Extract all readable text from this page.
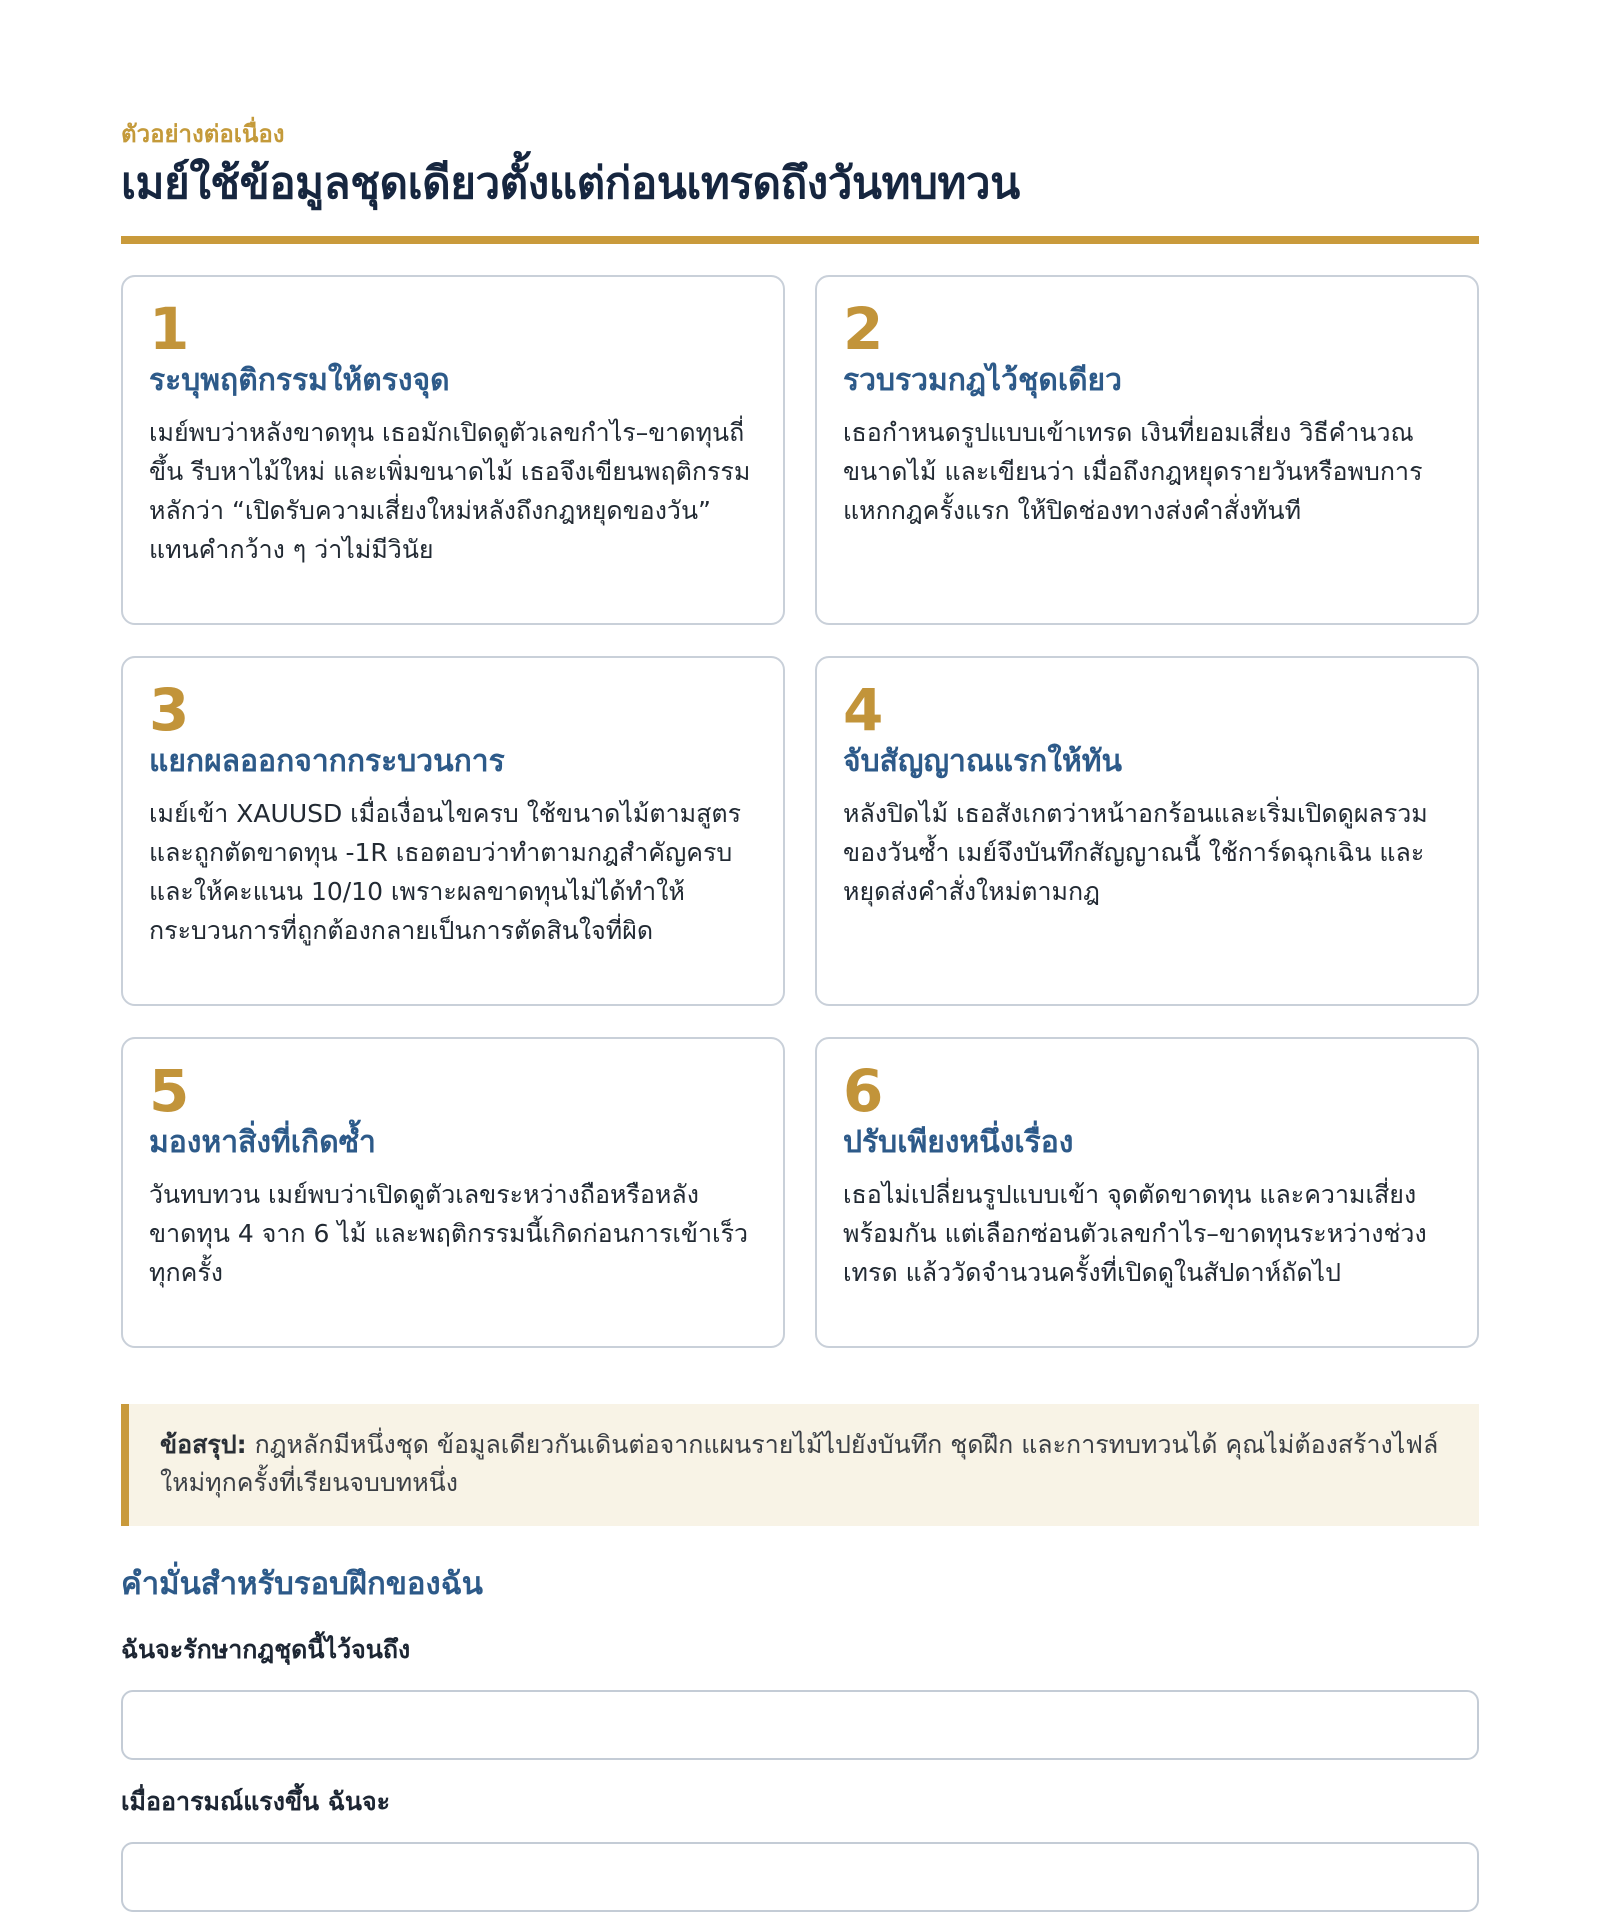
ตัวอย่างต่อเนื่อง

เมย์ใช้ข้อมูลชุดเดียวตั้งแต่ก่อนเทรดถึงวันทบทวน

1

ระบุพฤติกรรมให้ตรงจุด

เมย์พบว่าหลังขาดทุน เธอมักเปิดดูตัวเลขกำไร–ขาดทุนถี่ขึ้น รีบหาไม้ใหม่ และเพิ่มขนาดไม้ เธอจึงเขียนพฤติกรรมหลักว่า “เปิดรับความเสี่ยงใหม่หลังถึงกฎหยุดของวัน” แทนคำกว้าง ๆ ว่าไม่มีวินัย

2

รวบรวมกฎไว้ชุดเดียว

เธอกำหนดรูปแบบเข้าเทรด เงินที่ยอมเสี่ยง วิธีคำนวณขนาดไม้ และเขียนว่า เมื่อถึงกฎหยุดรายวันหรือพบการแหกกฎครั้งแรก ให้ปิดช่องทางส่งคำสั่งทันที

3

แยกผลออกจากกระบวนการ

เมย์เข้า XAUUSD เมื่อเงื่อนไขครบ ใช้ขนาดไม้ตามสูตร และถูกตัดขาดทุน -1R เธอตอบว่าทำตามกฎสำคัญครบ และให้คะแนน 10/10 เพราะผลขาดทุนไม่ได้ทำให้กระบวนการที่ถูกต้องกลายเป็นการตัดสินใจที่ผิด

4

จับสัญญาณแรกให้ทัน

หลังปิดไม้ เธอสังเกตว่าหน้าอกร้อนและเริ่มเปิดดูผลรวมของวันซ้ำ เมย์จึงบันทึกสัญญาณนี้ ใช้การ์ดฉุกเฉิน และหยุดส่งคำสั่งใหม่ตามกฎ

5

มองหาสิ่งที่เกิดซ้ำ

วันทบทวน เมย์พบว่าเปิดดูตัวเลขระหว่างถือหรือหลังขาดทุน 4 จาก 6 ไม้ และพฤติกรรมนี้เกิดก่อนการเข้าเร็วทุกครั้ง

6

ปรับเพียงหนึ่งเรื่อง

เธอไม่เปลี่ยนรูปแบบเข้า จุดตัดขาดทุน และความเสี่ยงพร้อมกัน แต่เลือกซ่อนตัวเลขกำไร–ขาดทุนระหว่างช่วงเทรด แล้ววัดจำนวนครั้งที่เปิดดูในสัปดาห์ถัดไป

ข้อสรุป: กฎหลักมีหนึ่งชุด ข้อมูลเดียวกันเดินต่อจากแผนรายไม้ไปยังบันทึก ชุดฝึก และการทบทวนได้ คุณไม่ต้องสร้างไฟล์ใหม่ทุกครั้งที่เรียนจบบทหนึ่ง
คำมั่นสำหรับรอบฝึกของฉัน

ฉันจะรักษากฎชุดนี้ไว้จนถึง

เมื่ออารมณ์แรงขึ้น ฉันจะ
